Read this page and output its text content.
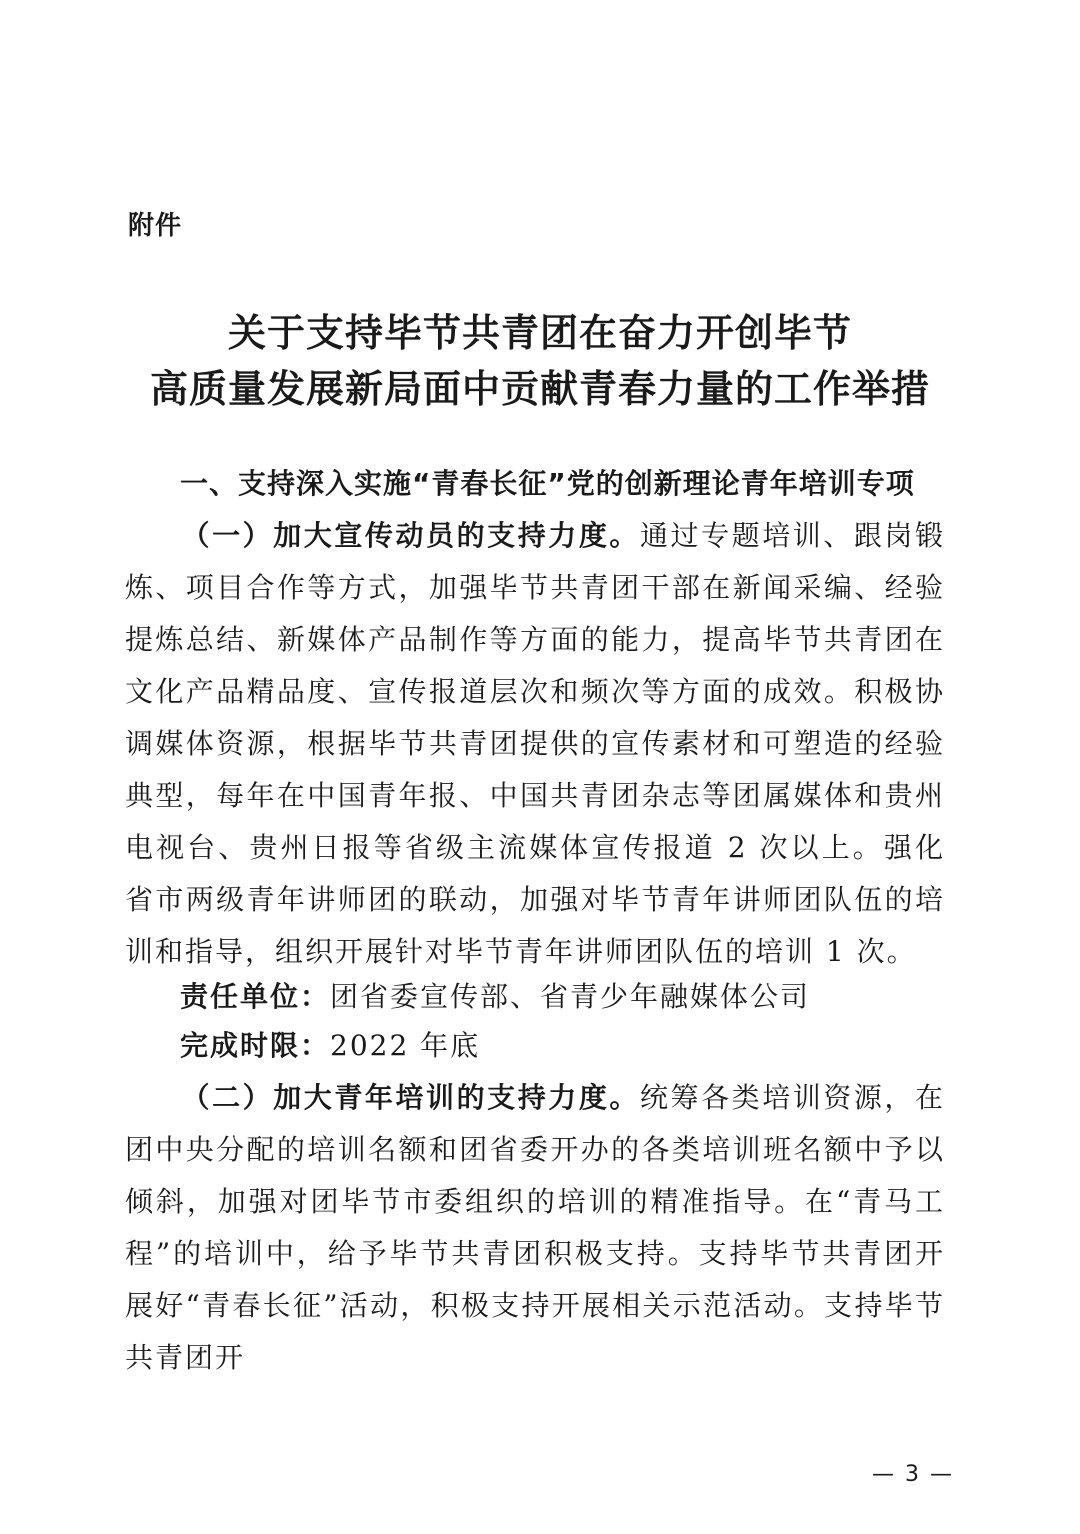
附件
关于支持毕节共青团在奋力开创毕节
高质量发展新局面中贡献青春力量的工作举措
一、支持深入实施“青春长征”党的创新理论青年培训专项
（一）加大宣传动员的支持力度。通过专题培训、跟岗锻炼、项目合作等方式，加强毕节共青团干部在新闻采编、经验提炼总结、新媒体产品制作等方面的能力，提高毕节共青团在文化产品精品度、宣传报道层次和频次等方面的成效。积极协调媒体资源，根据毕节共青团提供的宣传素材和可塑造的经验典型，每年在中国青年报、中国共青团杂志等团属媒体和贵州电视台、贵州日报等省级主流媒体宣传报道 2 次以上。强化省市两级青年讲师团的联动，加强对毕节青年讲师团队伍的培训和指导，组织开展针对毕节青年讲师团队伍的培训 1 次。
责任单位：团省委宣传部、省青少年融媒体公司
完成时限：2022 年底
（二）加大青年培训的支持力度。统筹各类培训资源，在团中央分配的培训名额和团省委开办的各类培训班名额中予以倾斜，加强对团毕节市委组织的培训的精准指导。在“青马工程”的培训中，给予毕节共青团积极支持。支持毕节共青团开展好“青春长征”活动，积极支持开展相关示范活动。支持毕节共青团开
— 3 —
